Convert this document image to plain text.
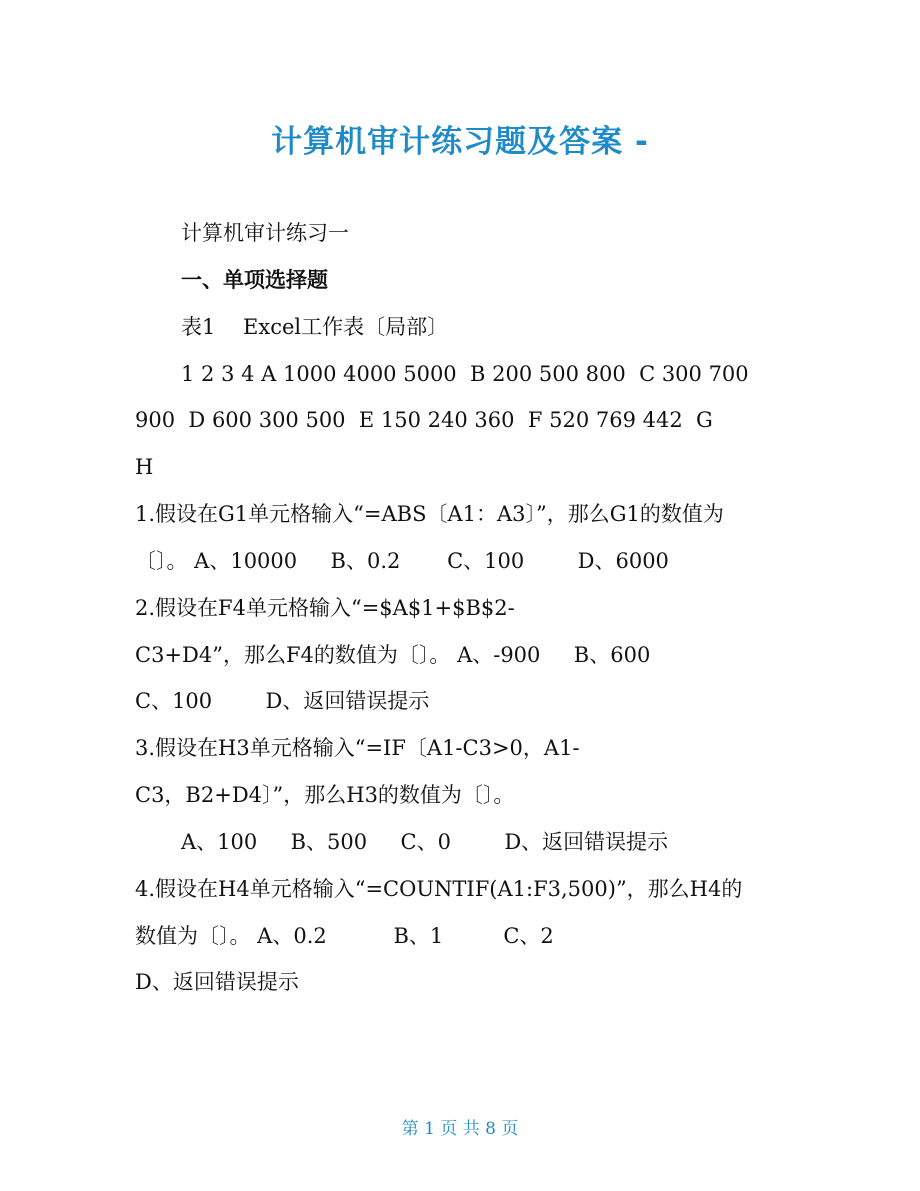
计算机审计练习题及答案 -
计算机审计练习一
一、单项选择题
表1　 Excel工作表〔局部〕
1 2 3 4 A 1000 4000 5000  B 200 500 800  C 300 700
900  D 600 300 500  E 150 240 360  F 520 769 442  G
H
1.假设在G1单元格输入“=ABS〔A1：A3〕”，那么G1的数值为
〔〕。 A、10000     B、0.2       C、100        D、6000
2.假设在F4单元格输入“=$A$1+$B$2-
C3+D4”，那么F4的数值为〔〕。 A、-900     B、600
C、100        D、返回错误提示
3.假设在H3单元格输入“=IF〔A1-C3>0，A1-
C3，B2+D4〕”，那么H3的数值为〔〕。
A、100     B、500     C、0        D、返回错误提示
4.假设在H4单元格输入“=COUNTIF(A1:F3,500)”，那么H4的
数值为〔〕。 A、0.2          B、1         C、2
D、返回错误提示
第 1 页 共 8 页
